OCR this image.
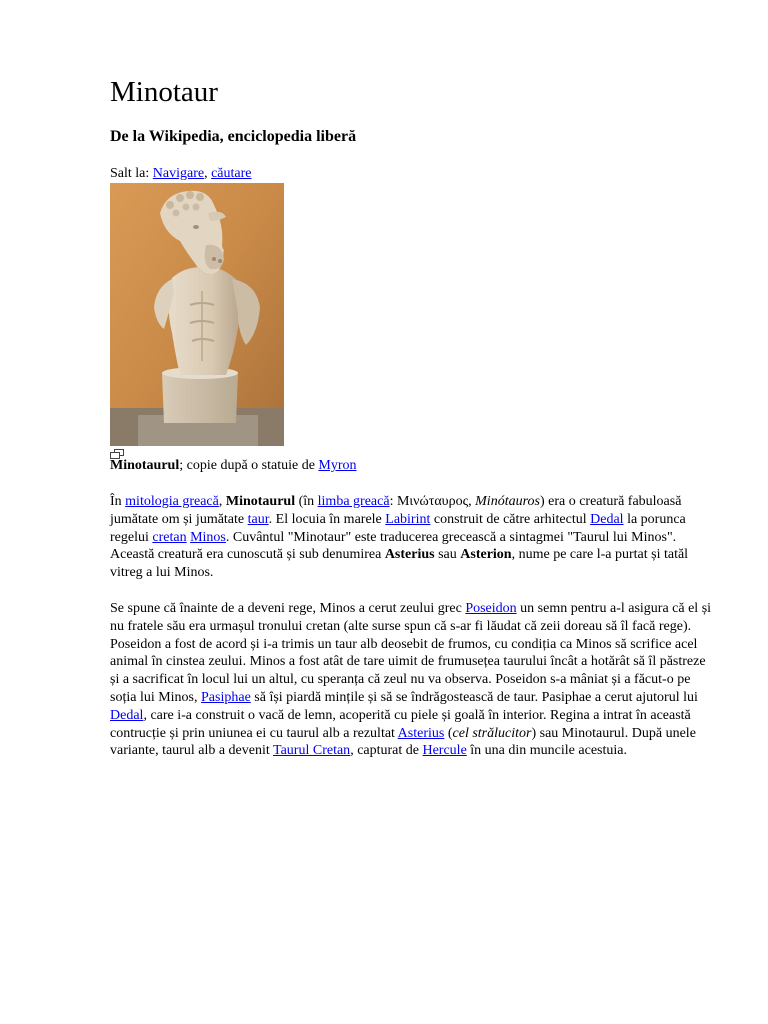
Minotaur
De la Wikipedia, enciclopedia liberă
Salt la: Navigare, căutare
Minotaurul; copie după o statuie de Myron

În mitologia greacă, Minotaurul (în limba greacă: Μινώταυρος, Minótauros) era o creatură fabuloasă jumătate om și jumătate taur. El locuia în marele Labirint construit de către arhitectul Dedal la porunca regelui cretan Minos. Cuvântul "Minotaur" este traducerea grecească a sintagmei "Taurul lui Minos". Această creatură era cunoscută și sub denumirea Asterius sau Asterion, nume pe care l-a purtat și tatăl vitreg a lui Minos.

Se spune că înainte de a deveni rege, Minos a cerut zeului grec Poseidon un semn pentru a-l asigura că el și nu fratele său era urmașul tronului cretan (alte surse spun că s-ar fi lăudat că zeii doreau să îl facă rege). Poseidon a fost de acord și i-a trimis un taur alb deosebit de frumos, cu condiția ca Minos să scrifice acel animal în cinstea zeului. Minos a fost atât de tare uimit de frumusețea taurului încât a hotărât să îl păstreze și a sacrificat în locul lui un altul, cu speranța că zeul nu va observa. Poseidon s-a mâniat și a făcut-o pe soția lui Minos, Pasiphae să își piardă mințile și să se îndrăgostească de taur. Pasiphae a cerut ajutorul lui Dedal, care i-a construit o vacă de lemn, acoperită cu piele și goală în interior. Regina a intrat în această contrucție și prin uniunea ei cu taurul alb a rezultat Asterius (cel strălucitor) sau Minotaurul. După unele variante, taurul alb a devenit Taurul Cretan, capturat de Hercule în una din muncile acestuia.
